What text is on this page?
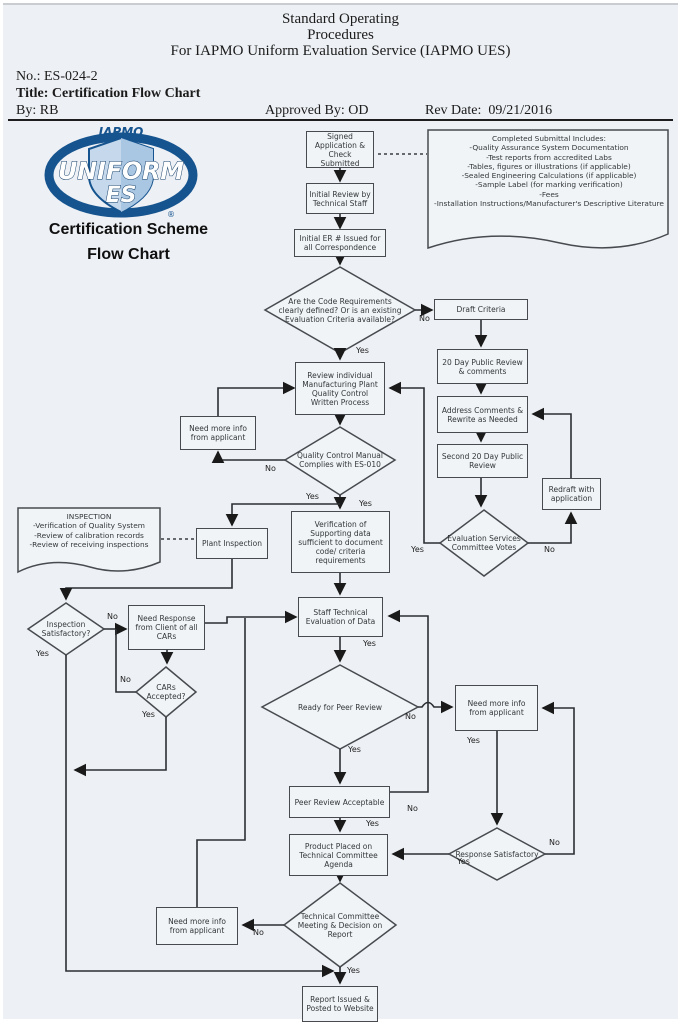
Standard Operating
Procedures
For IAPMO Uniform Evaluation Service (IAPMO UES)
No.: ES-024-2
Title: Certification Flow Chart
By: RB	Approved By: OD	Rev Date:  09/21/2016
IAPMO
UNIFORM
ES
®
Certification Scheme
Flow Chart
Signed Application & Check Submitted
Initial Review by Technical Staff
Initial ER # Issued for all Correspondence
Draft Criteria
20 Day Public Review & comments
Address Comments & Rewrite as Needed
Second 20 Day Public Review
Redraft with application
Review individual Manufacturing Plant Quality Control Written Process
Need more info from applicant
Plant Inspection
Verification of Supporting data sufficient to document code/ criteria requirements
Need Response from Client of all CARs
Staff Technical Evaluation of Data
Need more info from applicant
Peer Review Acceptable
Product Placed on Technical Committee Agenda
Need more info from applicant
Report Issued & Posted to Website
Are the Code Requirements clearly defined? Or is an existing Evaluation Criteria available?
Quality Control Manual Complies with ES-010
Evaluation Services Committee Votes
Inspection Satisfactory?
CARs Accepted?
Ready for Peer Review
Response Satisfactory
Technical Committee Meeting & Decision on Report
Completed Submittal Includes:
-Quality Assurance System Documentation
-Test reports from accredited Labs
-Tables, figures or illustrations (if applicable)
-Sealed Engineering Calculations (if applicable)
-Sample Label (for marking verification)
-Fees
-Installation Instructions/Manufacturer's Descriptive Literature
INSPECTION
-Verification of Quality System
-Review of calibration records
-Review of receiving inspections
No
Yes
No
Yes
Yes
Yes	No
No
Yes
No
Yes
Yes
No
Yes
Yes
No
Yes
No
Yes
No
Yes
